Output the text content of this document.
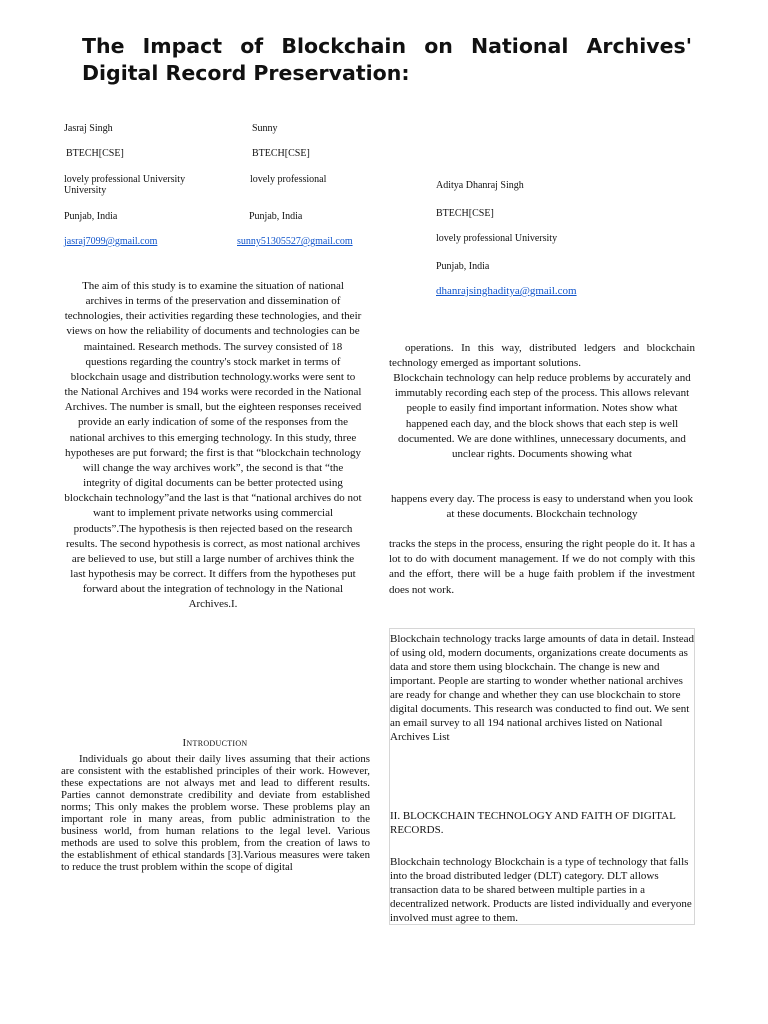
The Impact of Blockchain on National Archives' Digital Record Preservation:
Jasraj Singh
BTECH[CSE]
lovely professional University
University
Punjab, India
jasraj7099@gmail.com
Sunny
BTECH[CSE]
lovely professional
Punjab, India
sunny51305527@gmail.com
Aditya Dhanraj Singh
BTECH[CSE]
lovely professional University
Punjab, India
dhanrajsinghaditya@gmail.com
The aim of this study is to examine the situation of national archives in terms of the preservation and dissemination of technologies, their activities regarding these technologies, and their views on how the reliability of documents and technologies can be maintained. Research methods. The survey consisted of 18 questions regarding the country's stock market in terms of blockchain usage and distribution technology.works were sent to the National Archives and 194 works were recorded in the National Archives. The number is small, but the eighteen responses received provide an early indication of some of the responses from the national archives to this emerging technology. In this study, three hypotheses are put forward; the first is that “blockchain technology will change the way archives work”, the second is that “the integrity of digital documents can be better protected using blockchain technology”and the last is that “national archives do not want to implement private networks using commercial products”.The hypothesis is then rejected based on the research results. The second hypothesis is correct, as most national archives are believed to use, but still a large number of archives think the last hypothesis may be correct. It differs from the hypotheses put forward about the integration of technology in the National Archives.I.
Introduction
Individuals go about their daily lives assuming that their actions are consistent with the established principles of their work. However, these expectations are not always met and lead to different results. Parties cannot demonstrate credibility and deviate from established norms; This only makes the problem worse. These problems play an important role in many areas, from public administration to the business world, from human relations to the legal level. Various methods are used to solve this problem, from the creation of laws to the establishment of ethical standards [3].Various measures were taken to reduce the trust problem within the scope of digital
operations. In this way, distributed ledgers and blockchain technology emerged as important solutions.
Blockchain technology can help reduce problems by accurately and immutably recording each step of the process. This allows relevant people to easily find important information. Notes show what happened each day, and the block shows that each step is well documented. We are done withlines, unnecessary documents, and unclear rights. Documents showing what
happens every day. The process is easy to understand when you look at these documents. Blockchain technology
tracks the steps in the process, ensuring the right people do it. It has a lot to do with document management. If we do not comply with this and the effort, there will be a huge faith problem if the investment does not work.
Blockchain technology tracks large amounts of data in detail. Instead of using old, modern documents, organizations create documents as data and store them using blockchain. The change is new and important. People are starting to wonder whether national archives are ready for change and whether they can use blockchain to store digital documents. This research was conducted to find out. We sent an email survey to all 194 national archives listed on National Archives List
II. BLOCKCHAIN TECHNOLOGY AND FAITH OF DIGITAL RECORDS.
Blockchain technology Blockchain is a type of technology that falls into the broad distributed ledger (DLT) category. DLT allows transaction data to be shared between multiple parties in a decentralized network. Products are listed individually and everyone involved must agree to them.
